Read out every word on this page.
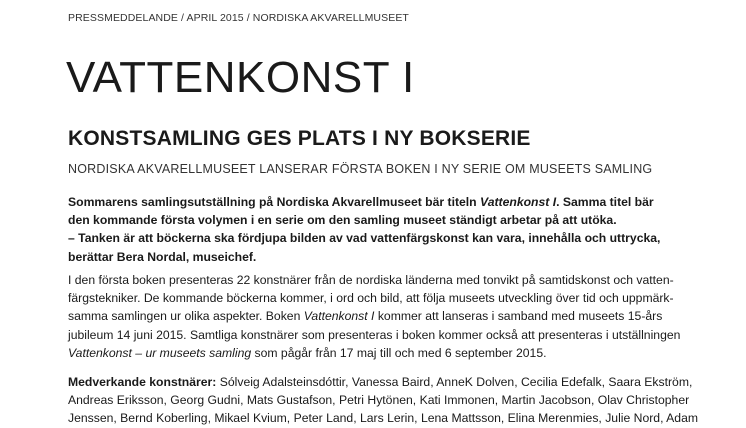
PRESSMEDDELANDE / APRIL 2015 / NORDISKA AKVARELLMUSEET
VATTENKONST I
KONSTSAMLING GES PLATS I NY BOKSERIE
NORDISKA AKVARELLMUSEET LANSERAR FÖRSTA BOKEN I NY SERIE OM MUSEETS SAMLING

Sommarens samlingsutställning på Nordiska Akvarellmuseet bär titeln Vattenkonst I. Samma titel bär
den kommande första volymen i en serie om den samling museet ständigt arbetar på att utöka.
– Tanken är att böckerna ska fördjupa bilden av vad vattenfärgskonst kan vara, innehålla och uttrycka,
berättar Bera Nordal, museichef.

I den första boken presenteras 22 konstnärer från de nordiska länderna med tonvikt på samtidskonst och vatten-
färgstekniker. De kommande böckerna kommer, i ord och bild, att följa museets utveckling över tid och uppmärk-
samma samlingen ur olika aspekter. Boken Vattenkonst I kommer att lanseras i samband med museets 15-års
jubileum 14 juni 2015. Samtliga konstnärer som presenteras i boken kommer också att presenteras i utställningen
Vattenkonst – ur museets samling som pågår från 17 maj till och med 6 september 2015.

Medverkande konstnärer: Sólveig Adalsteinsdóttir, Vanessa Baird, AnneK Dolven, Cecilia Edefalk, Saara Ekström,
Andreas Eriksson, Georg Gudni, Mats Gustafson, Petri Hytönen, Kati Immonen, Martin Jacobson, Olav Christopher
Jenssen, Bernd Koberling, Mikael Kvium, Peter Land, Lars Lerin, Lena Mattsson, Elina Merenmies, Julie Nord, Adam
